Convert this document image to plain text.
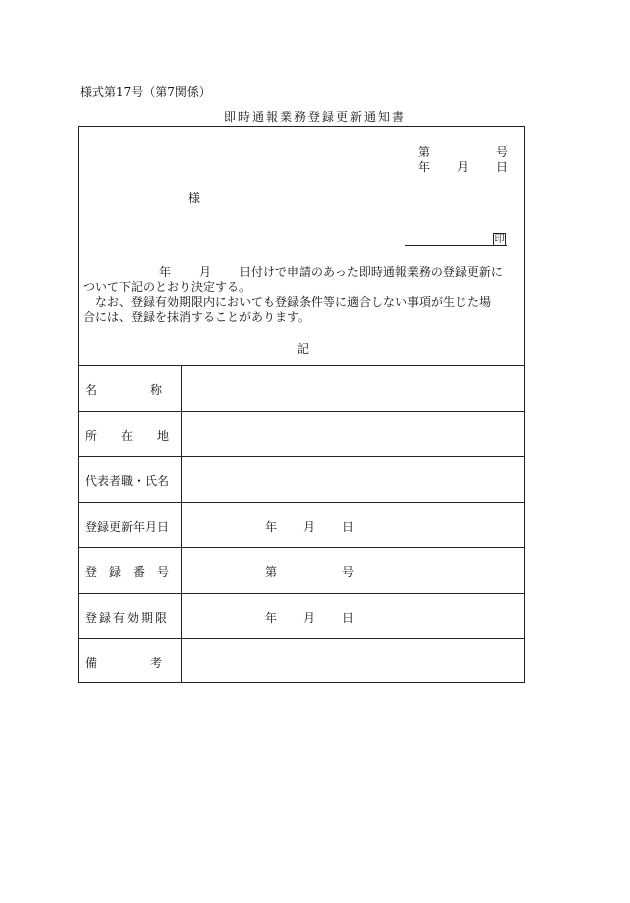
様式第17号（第7関係）
即時通報業務登録更新通知書
第	号
年 月 日
様
印

年 月 日付けで申請のあった即時通報業務の登録更新に

ついて下記のとおり決定する。

　なお、登録有効期限内においても登録条件等に適合しない事項が生じた場

合には、登録を抹消することがあります。

記
名　　　　称
所　　在　　地
代表者職・氏名
登録更新年月日
登　録　番　号
登録有効期限
備　　　　考
年 月 日
第	号
年 月 日
